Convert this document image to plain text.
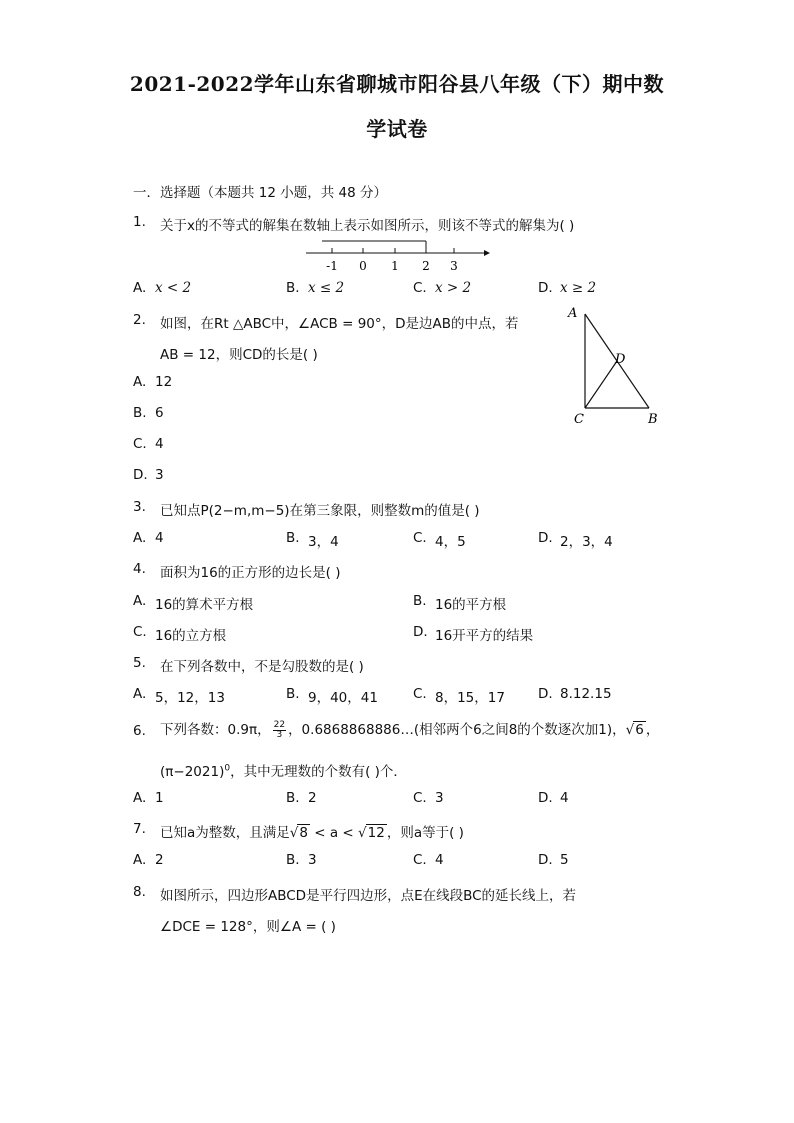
2021-2022学年山东省聊城市阳谷县八年级（下）期中数
学试卷
一．选择题（本题共 12 小题，共 48 分）
1. 关于x的不等式的解集在数轴上表示如图所示，则该不等式的解集为( )
-1 0 1 2 3
A. x < 2	B. x ≤ 2	C. x > 2	D. x ≥ 2
2. 如图，在Rt △ABC中，∠ACB = 90°，D是边AB的中点，若
AB = 12，则CD的长是( )
A
D
C	B
A. 12
B. 6
C. 4
D. 3
3. 已知点P(2−m,m−5)在第三象限，则整数m的值是( )
A. 4	B. 3，4	C. 4，5	D. 2，3，4
4. 面积为16的正方形的边长是( )
A. 16的算术平方根	B. 16的平方根
C. 16的立方根	D. 16开平方的结果
5. 在下列各数中，不是勾股数的是( )
A. 5，12，13	B. 9，40，41	C. 8，15，17 D. 8.12.15
6. 下列各数：0.9π， $\frac{22}{3}$ ，0.6868868886…(相邻两个6之间8的个数逐次加1)，√6 ，
$(\pi-2021)^0$，其中无理数的个数有( )个．
A. 1	B. 2	C. 3	D. 4
7. 已知a为整数，且满足√8 < a < √12 ，则a等于( )
A. 2	B. 3	C. 4	D. 5
8. 如图所示，四边形ABCD是平行四边形，点E在线段BC的延长线上，若
∠DCE = 128°，则∠A = ( )
